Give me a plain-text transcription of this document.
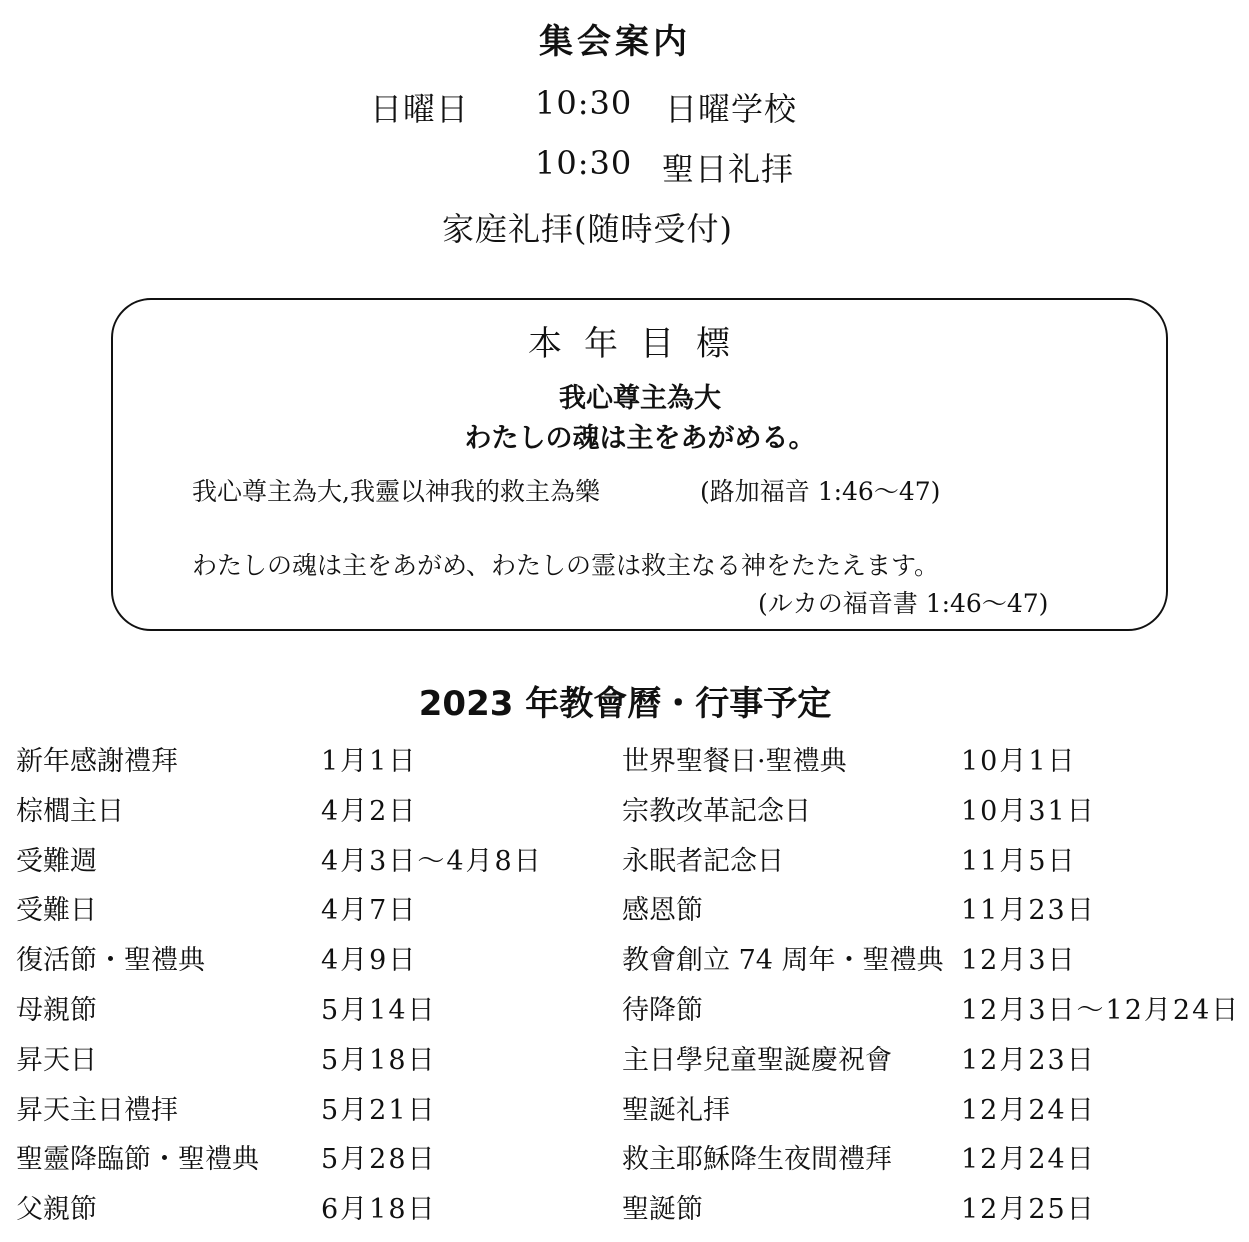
集会案内
日曜日 10:30 日曜学校
10:30 聖日礼拝
家庭礼拝(随時受付)
本年目標
我心尊主為大
わたしの魂は主をあがめる。
我心尊主為大,我靈以神我的救主為樂	(路加福音 1:46～47)
わたしの魂は主をあがめ、わたしの霊は救主なる神をたたえます。
(ルカの福音書 1:46～47)
2023 年教會曆・行事予定
新年感謝禮拜	1月1日
棕櫚主日	4月2日
受難週	4月3日～4月8日
受難日	4月7日
復活節・聖禮典	4月9日
母親節	5月14日
昇天日	5月18日
昇天主日禮拝	5月21日
聖靈降臨節・聖禮典 5月28日
父親節	6月18日
世界聖餐日·聖禮典	10月1日
宗教改革記念日	10月31日
永眠者記念日	11月5日
感恩節	11月23日
教會創立 74 周年・聖禮典 12月3日
待降節	12月3日～12月24日
主日學兒童聖誕慶祝會	12月23日
聖誕礼拝	12月24日
救主耶穌降生夜間禮拜	12月24日
聖誕節	12月25日
